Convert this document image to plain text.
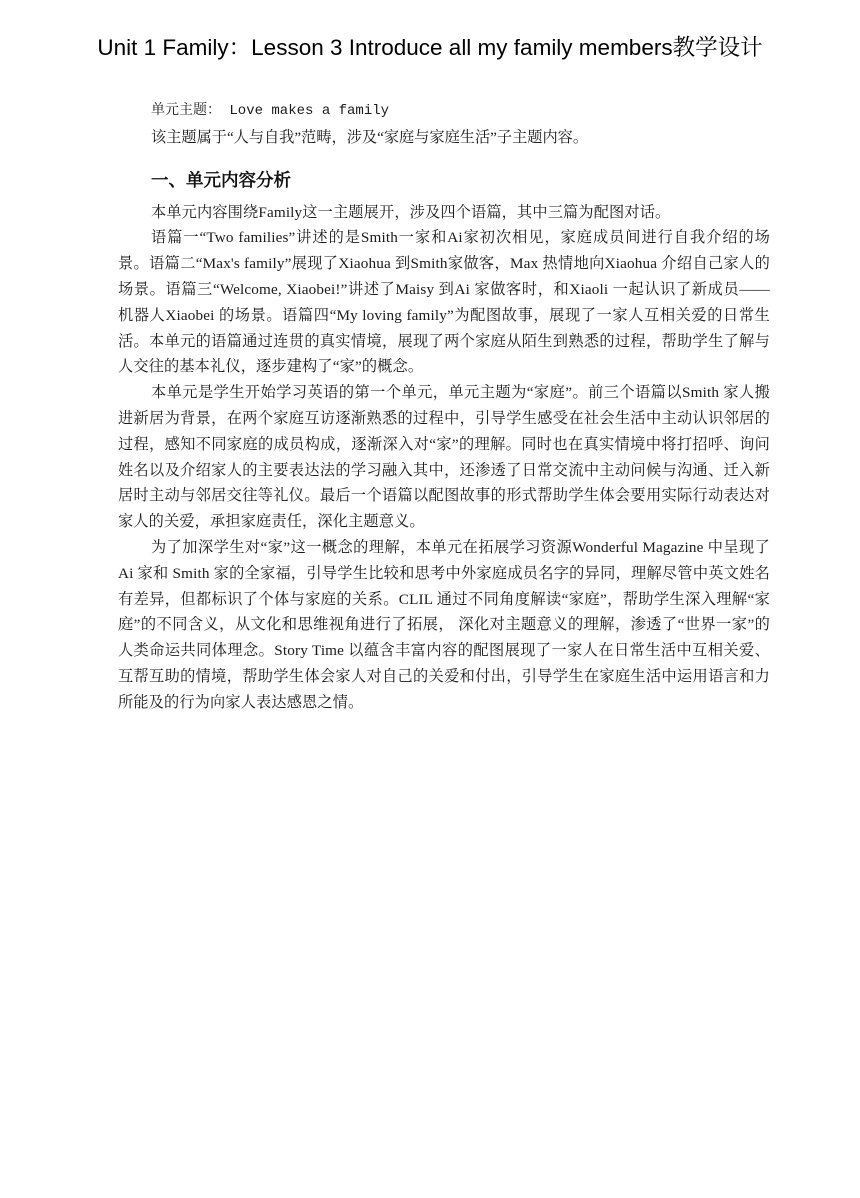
Unit 1 Family：Lesson 3 Introduce all my family members教学设计

单元主题： Love makes a family

该主题属于“人与自我”范畴，涉及“家庭与家庭生活”子主题内容。

一、单元内容分析

本单元内容围绕Family这一主题展开，涉及四个语篇，其中三篇为配图对话。

语篇一“Two families”讲述的是Smith一家和Ai家初次相见，家庭成员间进行自我介绍的场景。语篇二“Max's family”展现了Xiaohua 到Smith家做客，Max 热情地向Xiaohua 介绍自己家人的场景。语篇三“Welcome, Xiaobei!”讲述了Maisy 到Ai 家做客时，和Xiaoli 一起认识了新成员——机器人Xiaobei 的场景。语篇四“My loving family”为配图故事，展现了一家人互相关爱的日常生活。本单元的语篇通过连贯的真实情境，展现了两个家庭从陌生到熟悉的过程，帮助学生了解与人交往的基本礼仪，逐步建构了“家”的概念。

本单元是学生开始学习英语的第一个单元，单元主题为“家庭”。前三个语篇以Smith 家人搬进新居为背景，在两个家庭互访逐渐熟悉的过程中，引导学生感受在社会生活中主动认识邻居的过程，感知不同家庭的成员构成，逐渐深入对“家”的理解。同时也在真实情境中将打招呼、询问姓名以及介绍家人的主要表达法的学习融入其中，还渗透了日常交流中主动问候与沟通、迁入新居时主动与邻居交往等礼仪。最后一个语篇以配图故事的形式帮助学生体会要用实际行动表达对家人的关爱，承担家庭责任，深化主题意义。

为了加深学生对“家”这一概念的理解，本单元在拓展学习资源Wonderful Magazine 中呈现了Ai 家和 Smith 家的全家福，引导学生比较和思考中外家庭成员名字的异同，理解尽管中英文姓名有差异，但都标识了个体与家庭的关系。CLIL 通过不同角度解读“家庭”，帮助学生深入理解“家庭”的不同含义，从文化和思维视角进行了拓展， 深化对主题意义的理解，渗透了“世界一家”的人类命运共同体理念。Story Time 以蕴含丰富内容的配图展现了一家人在日常生活中互相关爱、互帮互助的情境，帮助学生体会家人对自己的关爱和付出，引导学生在家庭生活中运用语言和力所能及的行为向家人表达感恩之情。
